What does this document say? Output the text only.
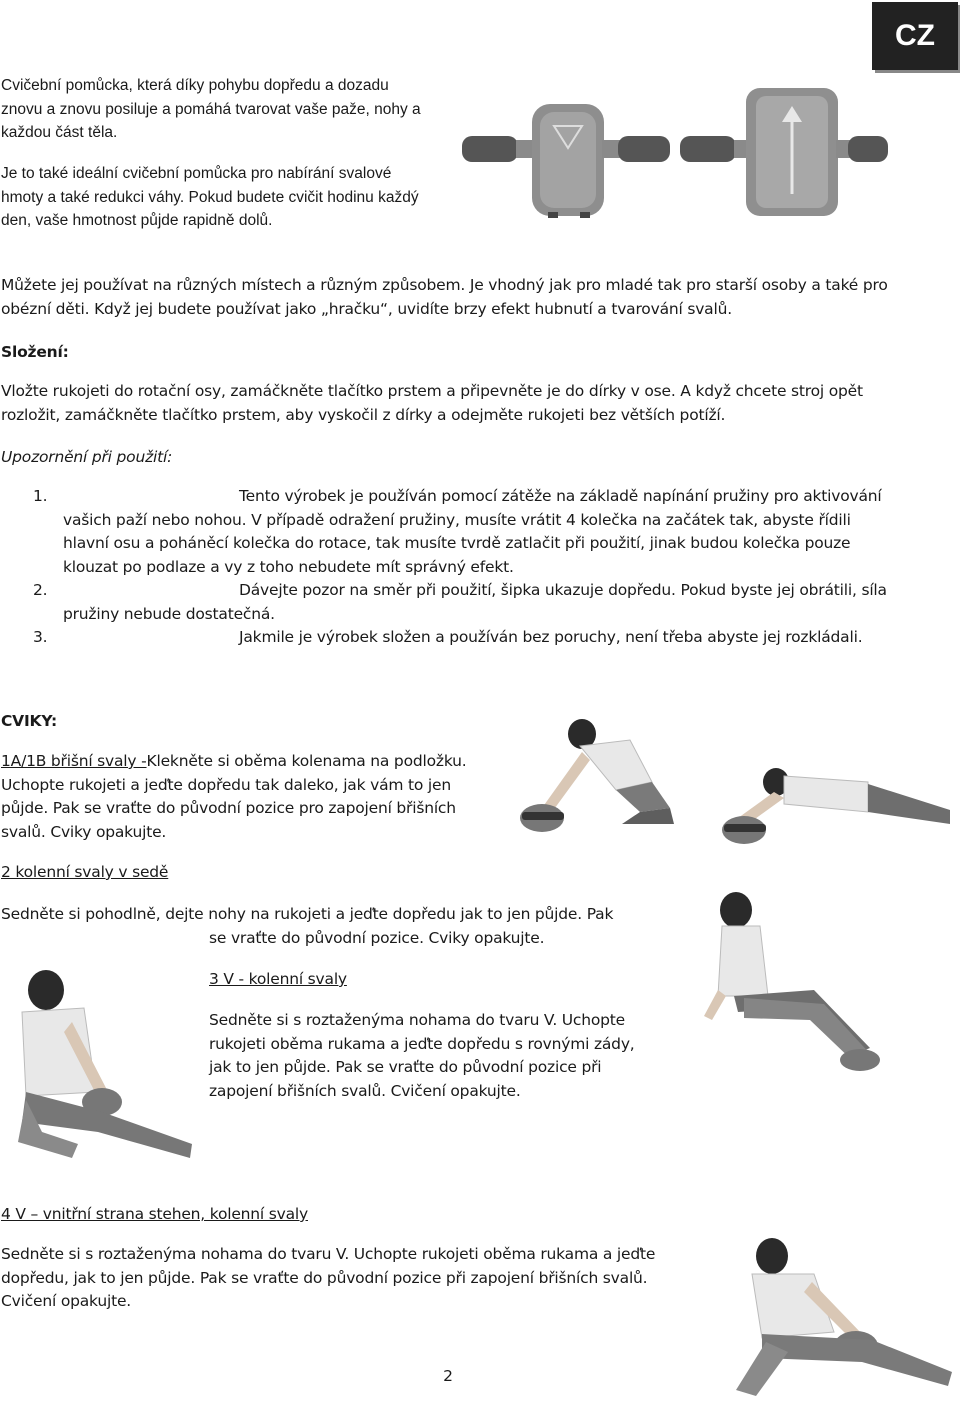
CZ

Cvičební pomůcka, která díky pohybu dopředu a dozadu znovu a znovu posiluje a pomáhá tvarovat vaše paže, nohy a každou část těla.

Je to také ideální cvičební pomůcka pro nabírání svalové hmoty a také redukci váhy. Pokud budete cvičit hodinu každý den, vaše hmotnost půjde rapidně dolů.

Můžete jej používat na různých místech a různým způsobem. Je vhodný jak pro mladé tak pro starší osoby a také pro obézní děti. Když jej budete používat jako „hračku“, uvidíte brzy efekt hubnutí a tvarování svalů.

Složení:

Vložte rukojeti do rotační osy, zamáčkněte tlačítko prstem a připevněte je do dírky v ose. A když chcete stroj opět rozložit, zamáčkněte tlačítko prstem, aby vyskočil z dírky a odejměte rukojeti bez větších potíží.

Upozornění při použití:

1.	Tento výrobek je používán pomocí zátěže na základě napínání pružiny pro aktivování vašich paží nebo nohou. V případě odražení pružiny, musíte vrátit 4 kolečka na začátek tak, abyste řídili hlavní osu a poháněcí kolečka do rotace, tak musíte tvrdě zatlačit při použití, jinak budou kolečka pouze klouzat po podlaze a vy z toho nebudete mít správný efekt.
2.	Dávejte pozor na směr při použití, šipka ukazuje dopředu. Pokud byste jej obrátili, síla pružiny nebude dostatečná.
3.	Jakmile je výrobek složen a používán bez poruchy, není třeba abyste jej rozkládali.

CVIKY:

1A/1B břišní svaly -Klekněte si oběma kolenama na podložku. Uchopte rukojeti a jeďte dopředu tak daleko, jak vám to jen půjde. Pak se vraťte do původní pozice pro zapojení břišních svalů. Cviky opakujte.

2 kolenní svaly v sedě

Sedněte si pohodlně, dejte nohy na rukojeti a jeďte dopředu jak to jen půjde. Pak

se vraťte do původní pozice. Cviky opakujte.

3 V - kolenní svaly

Sedněte si s roztaženýma nohama do tvaru V. Uchopte rukojeti oběma rukama a jeďte dopředu s rovnými zády, jak to jen půjde. Pak se vraťte do původní pozice při zapojení břišních svalů. Cvičení opakujte.

4 V – vnitřní strana stehen, kolenní svaly

Sedněte si s roztaženýma nohama do tvaru V. Uchopte rukojeti oběma rukama a jeďte dopředu, jak to jen půjde. Pak se vraťte do původní pozice při zapojení břišních svalů. Cvičení opakujte.

2
